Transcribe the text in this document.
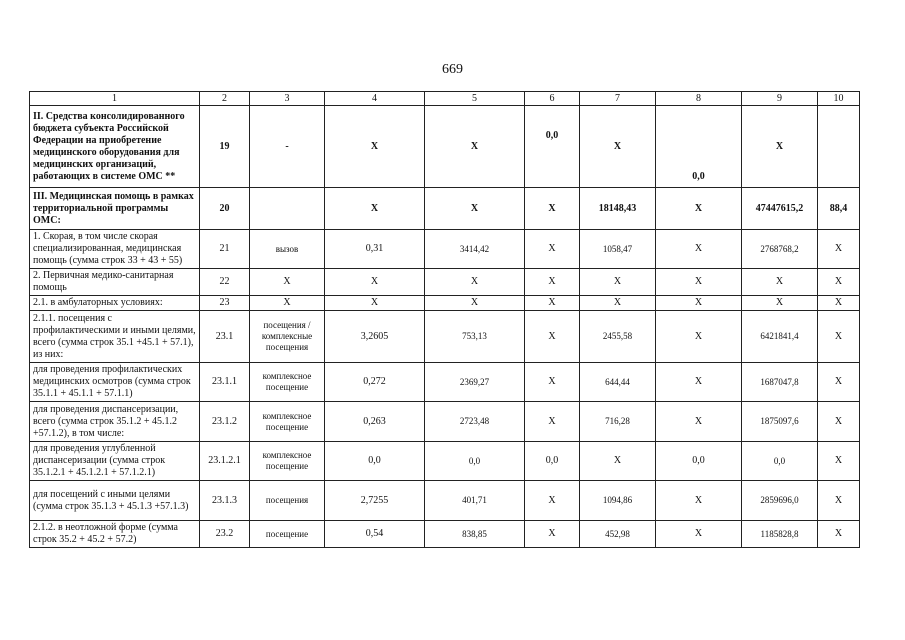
669
1	2	3	4	5	6	7	8	9	10
II. Средства консолидированного бюджета субъекта Российской Федерации на приобретение медицинского оборудования для медицинских организаций, работающих в системе ОМС **	19	-	X	X	0,0	X	0,0	X	
III. Медицинская помощь в рамках территориальной программы ОМС:	20		X	X	X	18148,43	X	47447615,2	88,4
1. Скорая, в том числе скорая специализированная, медицинская помощь (сумма строк 33 + 43 + 55)	21	вызов	0,31	3414,42	X	1058,47	X	2768768,2	X
2. Первичная медико-санитарная помощь	22	X	X	X	X	X	X	X	X
2.1. в амбулаторных условиях:	23	X	X	X	X	X	X	X	X
2.1.1. посещения с профилактическими и иными целями, всего (сумма строк 35.1 +45.1 + 57.1), из них:	23.1	посещения / комплексные посещения	3,2605	753,13	X	2455,58	X	6421841,4	X
для проведения профилактических медицинских осмотров (сумма строк 35.1.1 + 45.1.1 + 57.1.1)	23.1.1	комплексное посещение	0,272	2369,27	X	644,44	X	1687047,8	X
для проведения диспансеризации, всего (сумма строк 35.1.2 + 45.1.2 +57.1.2), в том числе:	23.1.2	комплексное посещение	0,263	2723,48	X	716,28	X	1875097,6	X
для проведения углубленной диспансеризации (сумма строк 35.1.2.1 + 45.1.2.1 + 57.1.2.1)	23.1.2.1	комплексное посещение	0,0	0,0	0,0	X	0,0	0,0	X
для посещений с иными целями (сумма строк 35.1.3 + 45.1.3 +57.1.3)	23.1.3	посещения	2,7255	401,71	X	1094,86	X	2859696,0	X
2.1.2. в неотложной форме (сумма строк 35.2 + 45.2 + 57.2)	23.2	посещение	0,54	838,85	X	452,98	X	1185828,8	X
